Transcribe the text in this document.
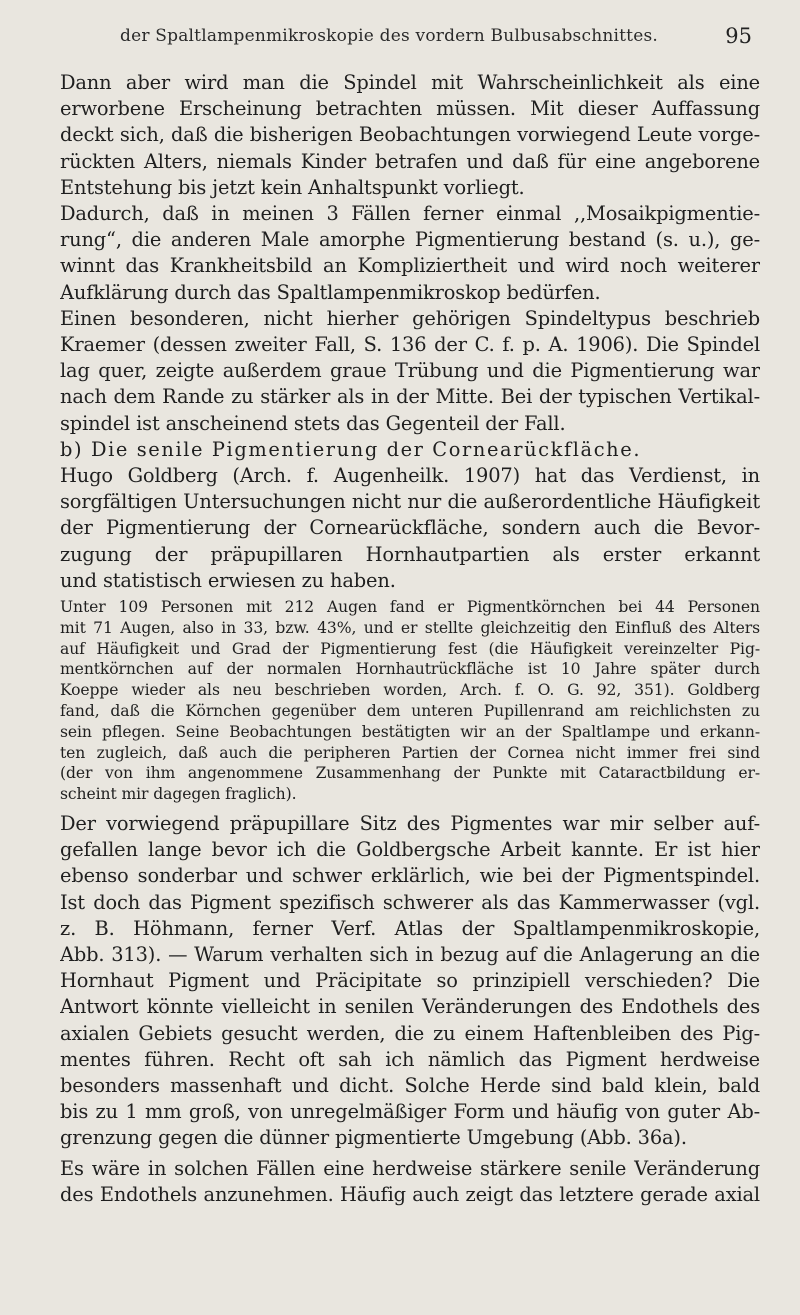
der Spaltlampenmikroskopie des vordern Bulbusabschnittes.	95
Dann aber wird man die Spindel mit Wahrscheinlichkeit als eine
erworbene Erscheinung betrachten müssen. Mit dieser Auffassung
deckt sich, daß die bisherigen Beobachtungen vorwiegend Leute vorge-
rückten Alters, niemals Kinder betrafen und daß für eine angeborene
Entstehung bis jetzt kein Anhaltspunkt vorliegt.
Dadurch, daß in meinen 3 Fällen ferner einmal ,,Mosaikpigmentie-
rung“, die anderen Male amorphe Pigmentierung bestand (s. u.), ge-
winnt das Krankheitsbild an Kompliziertheit und wird noch weiterer
Aufklärung durch das Spaltlampenmikroskop bedürfen.
Einen besonderen, nicht hierher gehörigen Spindeltypus beschrieb
Kraemer (dessen zweiter Fall, S. 136 der C. f. p. A. 1906). Die Spindel
lag quer, zeigte außerdem graue Trübung und die Pigmentierung war
nach dem Rande zu stärker als in der Mitte. Bei der typischen Vertikal-
spindel ist anscheinend stets das Gegenteil der Fall.
b) Die senile Pigmentierung der Cornearückfläche.
Hugo Goldberg (Arch. f. Augenheilk. 1907) hat das Verdienst, in
sorgfältigen Untersuchungen nicht nur die außerordentliche Häufigkeit
der Pigmentierung der Cornearückfläche, sondern auch die Bevor-
zugung der präpupillaren Hornhautpartien als erster erkannt
und statistisch erwiesen zu haben.
Unter 109 Personen mit 212 Augen fand er Pigmentkörnchen bei 44 Personen
mit 71 Augen, also in 33, bzw. 43%, und er stellte gleichzeitig den Einfluß des Alters
auf Häufigkeit und Grad der Pigmentierung fest (die Häufigkeit vereinzelter Pig-
mentkörnchen auf der normalen Hornhautrückfläche ist 10 Jahre später durch
Koeppe wieder als neu beschrieben worden, Arch. f. O. G. 92, 351). Goldberg
fand, daß die Körnchen gegenüber dem unteren Pupillenrand am reichlichsten zu
sein pflegen. Seine Beobachtungen bestätigten wir an der Spaltlampe und erkann-
ten zugleich, daß auch die peripheren Partien der Cornea nicht immer frei sind
(der von ihm angenommene Zusammenhang der Punkte mit Cataractbildung er-
scheint mir dagegen fraglich).
Der vorwiegend präpupillare Sitz des Pigmentes war mir selber auf-
gefallen lange bevor ich die Goldbergsche Arbeit kannte. Er ist hier
ebenso sonderbar und schwer erklärlich, wie bei der Pigmentspindel.
Ist doch das Pigment spezifisch schwerer als das Kammerwasser (vgl.
z. B. Höhmann, ferner Verf. Atlas der Spaltlampenmikroskopie,
Abb. 313). — Warum verhalten sich in bezug auf die Anlagerung an die
Hornhaut Pigment und Präcipitate so prinzipiell verschieden? Die
Antwort könnte vielleicht in senilen Veränderungen des Endothels des
axialen Gebiets gesucht werden, die zu einem Haftenbleiben des Pig-
mentes führen. Recht oft sah ich nämlich das Pigment herdweise
besonders massenhaft und dicht. Solche Herde sind bald klein, bald
bis zu 1 mm groß, von unregelmäßiger Form und häufig von guter Ab-
grenzung gegen die dünner pigmentierte Umgebung (Abb. 36a).
Es wäre in solchen Fällen eine herdweise stärkere senile Veränderung
des Endothels anzunehmen. Häufig auch zeigt das letztere gerade axial
